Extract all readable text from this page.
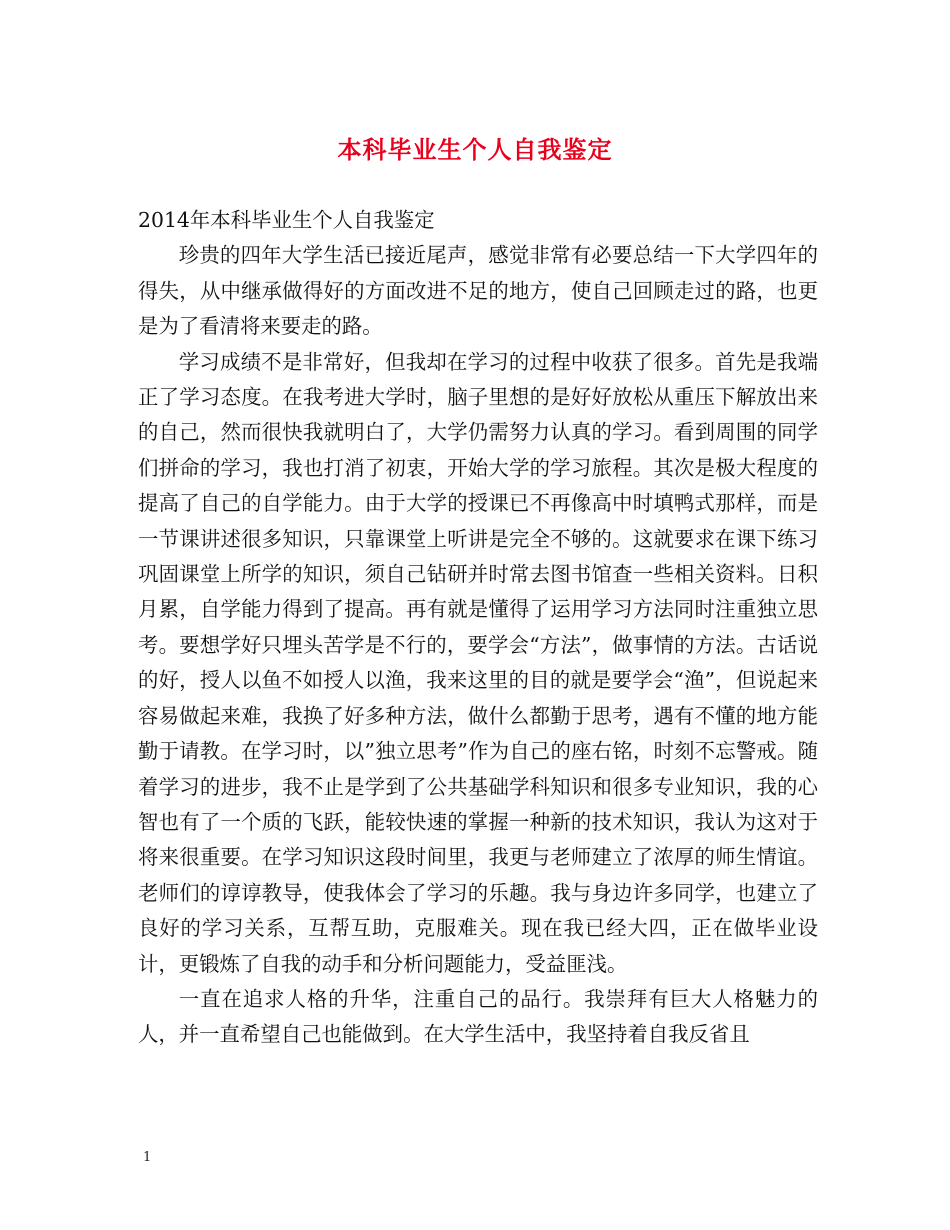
本科毕业生个人自我鉴定

2014年本科毕业生个人自我鉴定

珍贵的四年大学生活已接近尾声，感觉非常有必要总结一下大学四年的得失，从中继承做得好的方面改进不足的地方，使自己回顾走过的路，也更是为了看清将来要走的路。

学习成绩不是非常好，但我却在学习的过程中收获了很多。首先是我端正了学习态度。在我考进大学时，脑子里想的是好好放松从重压下解放出来的自己，然而很快我就明白了，大学仍需努力认真的学习。看到周围的同学们拼命的学习，我也打消了初衷，开始大学的学习旅程。其次是极大程度的提高了自己的自学能力。由于大学的授课已不再像高中时填鸭式那样，而是一节课讲述很多知识，只靠课堂上听讲是完全不够的。这就要求在课下练习巩固课堂上所学的知识，须自己钻研并时常去图书馆查一些相关资料。日积月累，自学能力得到了提高。再有就是懂得了运用学习方法同时注重独立思考。要想学好只埋头苦学是不行的，要学会“方法”，做事情的方法。古话说的好，授人以鱼不如授人以渔，我来这里的目的就是要学会“渔”，但说起来容易做起来难，我换了好多种方法，做什么都勤于思考，遇有不懂的地方能勤于请教。在学习时，以”独立思考”作为自己的座右铭，时刻不忘警戒。随着学习的进步，我不止是学到了公共基础学科知识和很多专业知识，我的心智也有了一个质的飞跃，能较快速的掌握一种新的技术知识，我认为这对于将来很重要。在学习知识这段时间里，我更与老师建立了浓厚的师生情谊。老师们的谆谆教导，使我体会了学习的乐趣。我与身边许多同学，也建立了良好的学习关系，互帮互助，克服难关。现在我已经大四，正在做毕业设计，更锻炼了自我的动手和分析问题能力，受益匪浅。

一直在追求人格的升华，注重自己的品行。我崇拜有巨大人格魅力的人，并一直希望自己也能做到。在大学生活中，我坚持着自我反省且

1
